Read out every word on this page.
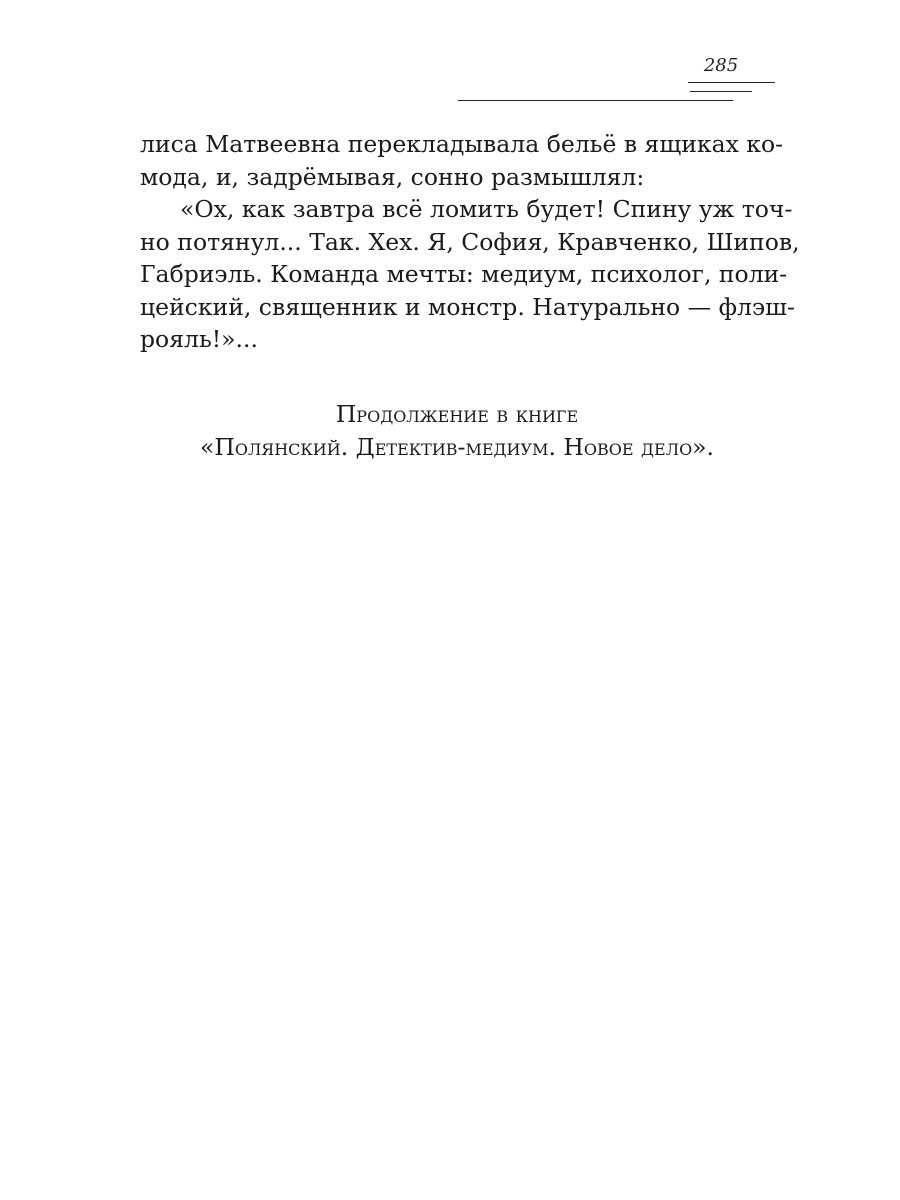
285
лиса Матвеевна перекладывала бельё в ящиках ко-
мода, и, задрёмывая, сонно размышлял:
«Ох, как завтра всё ломить будет! Спину уж точ-
но потянул... Так. Хех. Я, София, Кравченко, Шипов,
Габриэль. Команда мечты: медиум, психолог, поли-
цейский, священник и монстр. Натурально — флэш-
рояль!»...
Продолжение в книге
«Полянский. Детектив-медиум. Новое дело».
